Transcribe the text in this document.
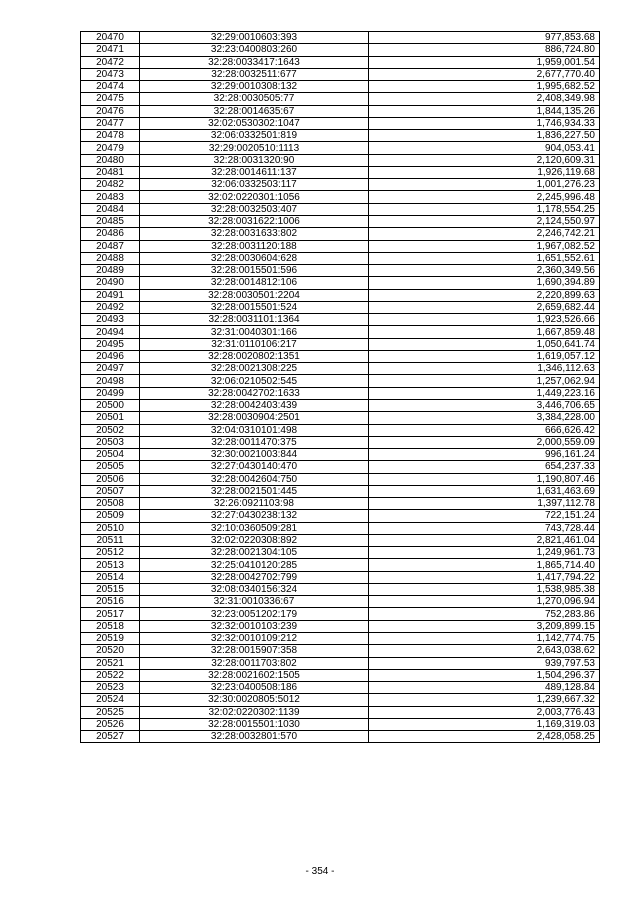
20470	32:29:0010603:393	977,853.68
20471	32:23:0400803:260	886,724.80
20472	32:28:0033417:1643	1,959,001.54
20473	32:28:0032511:677	2,677,770.40
20474	32:29:0010308:132	1,995,682.52
20475	32:28:0030505:77	2,408,349.98
20476	32:28:0014635:67	1,844,135.26
20477	32:02:0530302:1047	1,746,934.33
20478	32:06:0332501:819	1,836,227.50
20479	32:29:0020510:1113	904,053.41
20480	32:28:0031320:90	2,120,609.31
20481	32:28:0014611:137	1,926,119.68
20482	32:06:0332503:117	1,001,276.23
20483	32:02:0220301:1056	2,245,996.48
20484	32:28:0032503:407	1,178,554.25
20485	32:28:0031622:1006	2,124,550.97
20486	32:28:0031633:802	2,246,742.21
20487	32:28:0031120:188	1,967,082.52
20488	32:28:0030604:628	1,651,552.61
20489	32:28:0015501:596	2,360,349.56
20490	32:28:0014812:106	1,690,394.89
20491	32:28:0030501:2204	2,220,899.63
20492	32:28:0015501:524	2,659,682.44
20493	32:28:0031101:1364	1,923,526.66
20494	32:31:0040301:166	1,667,859.48
20495	32:31:0110106:217	1,050,641.74
20496	32:28:0020802:1351	1,619,057.12
20497	32:28:0021308:225	1,346,112.63
20498	32:06:0210502:545	1,257,062.94
20499	32:28:0042702:1633	1,449,223.16
20500	32:28:0042403:439	3,446,706.65
20501	32:28:0030904:2501	3,384,228.00
20502	32:04:0310101:498	666,626.42
20503	32:28:0011470:375	2,000,559.09
20504	32:30:0021003:844	996,161.24
20505	32:27:0430140:470	654,237.33
20506	32:28:0042604:750	1,190,807.46
20507	32:28:0021501:445	1,631,463.69
20508	32:26:0921103:98	1,397,112.78
20509	32:27:0430238:132	722,151.24
20510	32:10:0360509:281	743,728.44
20511	32:02:0220308:892	2,821,461.04
20512	32:28:0021304:105	1,249,961.73
20513	32:25:0410120:285	1,865,714.40
20514	32:28:0042702:799	1,417,794.22
20515	32:08:0340156:324	1,538,985.38
20516	32:31:0010336:67	1,270,096.94
20517	32:23:0051202:179	752,283.86
20518	32:32:0010103:239	3,209,899.15
20519	32:32:0010109:212	1,142,774.75
20520	32:28:0015907:358	2,643,038.62
20521	32:28:0011703:802	939,797.53
20522	32:28:0021602:1505	1,504,296.37
20523	32:23:0400508:186	489,128.84
20524	32:30:0020805:5012	1,239,667.32
20525	32:02:0220302:1139	2,003,776.43
20526	32:28:0015501:1030	1,169,319.03
20527	32:28:0032801:570	2,428,058.25
- 354 -
